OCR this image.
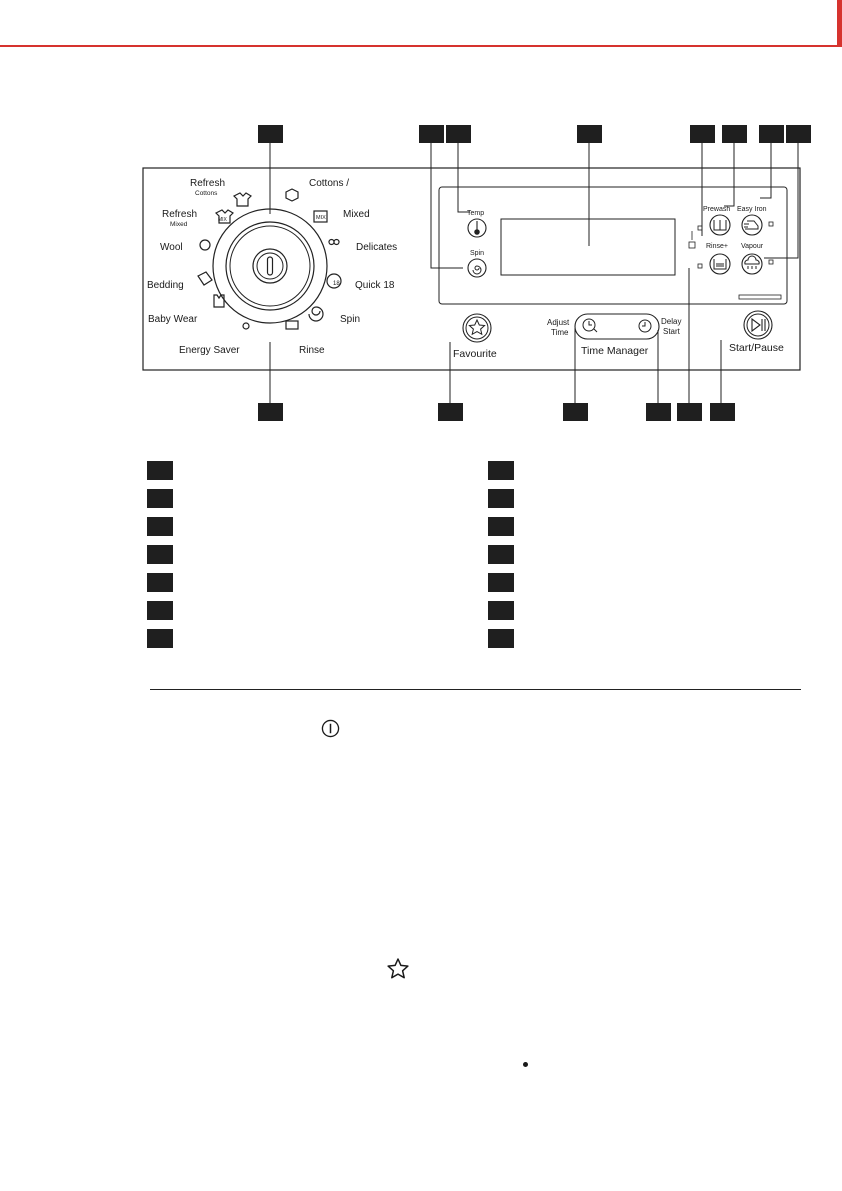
MIX	MIX
18
Refresh
Cottons
Cottons /
Refresh
Mixed
Mixed
Wool	Delicates
Bedding	Quick 18
Baby Wear	Spin
Energy Saver	Rinse
Temp
Spin
Prewash Easy Iron
Rinse+ Vapour
Favourite
Adjust
Time
Delay
Start
Time Manager	Start/Pause
